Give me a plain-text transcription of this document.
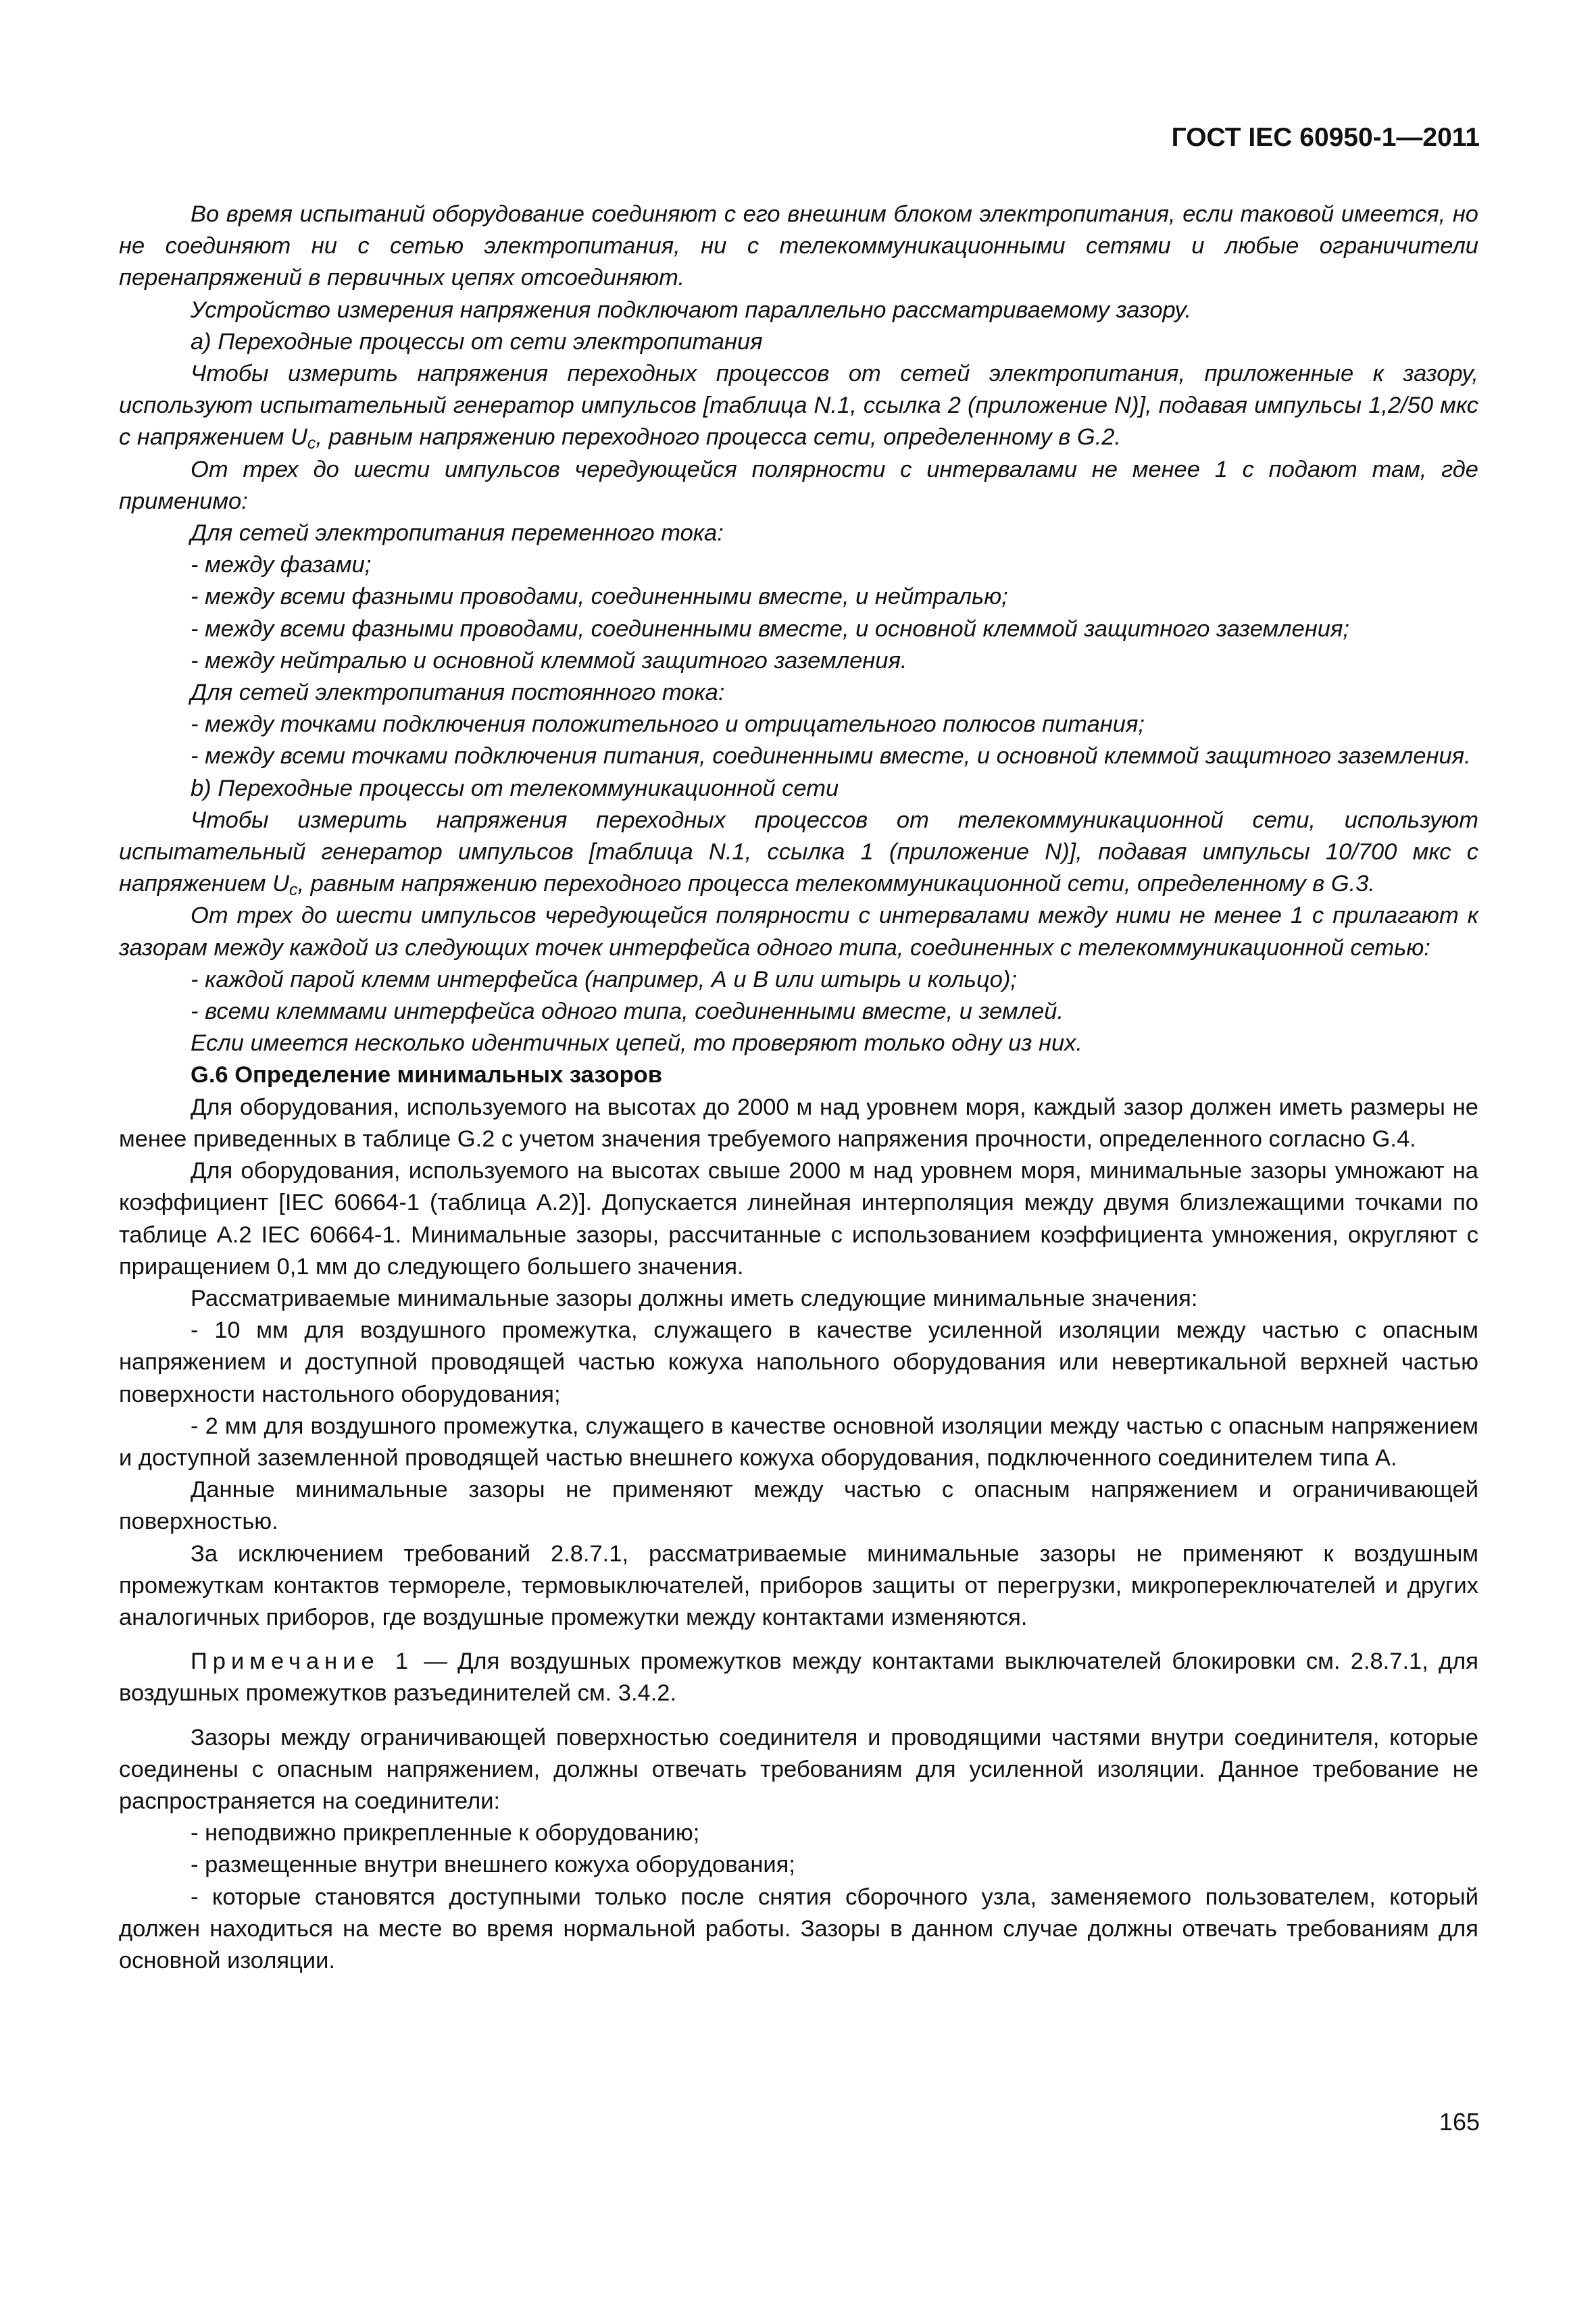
ГОСТ IEC 60950-1—2011

Во время испытаний оборудование соединяют с его внешним блоком электропитания, если таковой имеется, но не соединяют ни с сетью электропитания, ни с телекоммуникационными сетями и любые ограничители перенапряжений в первичных цепях отсоединяют.

Устройство измерения напряжения подключают параллельно рассматриваемому зазору.

a) Переходные процессы от сети электропитания

Чтобы измерить напряжения переходных процессов от сетей электропитания, приложенные к зазору, используют испытательный генератор импульсов [таблица N.1, ссылка 2 (приложение N)], подавая импульсы 1,2/50 мкс с напряжением $U_c$, равным напряжению переходного процесса сети, определенному в G.2.

От трех до шести импульсов чередующейся полярности с интервалами не менее 1 с подают там, где применимо:

Для сетей электропитания переменного тока:

- между фазами;

- между всеми фазными проводами, соединенными вместе, и нейтралью;

- между всеми фазными проводами, соединенными вместе, и основной клеммой защитного заземления;

- между нейтралью и основной клеммой защитного заземления.

Для сетей электропитания постоянного тока:

- между точками подключения положительного и отрицательного полюсов питания;

- между всеми точками подключения питания, соединенными вместе, и основной клеммой защитного заземления.

b) Переходные процессы от телекоммуникационной сети

Чтобы измерить напряжения переходных процессов от телекоммуникационной сети, используют испытательный генератор импульсов [таблица N.1, ссылка 1 (приложение N)], подавая импульсы 10/700 мкс с напряжением $U_c$, равным напряжению переходного процесса телекоммуникационной сети, определенному в G.3.

От трех до шести импульсов чередующейся полярности с интервалами между ними не менее 1 с прилагают к зазорам между каждой из следующих точек интерфейса одного типа, соединенных с телекоммуникационной сетью:

- каждой парой клемм интерфейса (например, А и В или штырь и кольцо);

- всеми клеммами интерфейса одного типа, соединенными вместе, и землей.

Если имеется несколько идентичных цепей, то проверяют только одну из них.

G.6 Определение минимальных зазоров

Для оборудования, используемого на высотах до 2000 м над уровнем моря, каждый зазор должен иметь размеры не менее приведенных в таблице G.2 с учетом значения требуемого напряжения прочности, определенного согласно G.4.

Для оборудования, используемого на высотах свыше 2000 м над уровнем моря, минимальные зазоры умножают на коэффициент [IEC 60664-1 (таблица А.2)]. Допускается линейная интерполяция между двумя близлежащими точками по таблице А.2 IEC 60664-1. Минимальные зазоры, рассчитанные с использованием коэффициента умножения, округляют с приращением 0,1 мм до следующего большего значения.

Рассматриваемые минимальные зазоры должны иметь следующие минимальные значения:

- 10 мм для воздушного промежутка, служащего в качестве усиленной изоляции между частью с опасным напряжением и доступной проводящей частью кожуха напольного оборудования или невертикальной верхней частью поверхности настольного оборудования;

- 2 мм для воздушного промежутка, служащего в качестве основной изоляции между частью с опасным напряжением и доступной заземленной проводящей частью внешнего кожуха оборудования, подключенного соединителем типа А.

Данные минимальные зазоры не применяют между частью с опасным напряжением и ограничивающей поверхностью.

За исключением требований 2.8.7.1, рассматриваемые минимальные зазоры не применяют к воздушным промежуткам контактов термореле, термовыключателей, приборов защиты от перегрузки, микропереключателей и других аналогичных приборов, где воздушные промежутки между контактами изменяются.

Примечание 1 — Для воздушных промежутков между контактами выключателей блокировки см. 2.8.7.1, для воздушных промежутков разъединителей см. 3.4.2.

Зазоры между ограничивающей поверхностью соединителя и проводящими частями внутри соединителя, которые соединены с опасным напряжением, должны отвечать требованиям для усиленной изоляции. Данное требование не распространяется на соединители:

- неподвижно прикрепленные к оборудованию;

- размещенные внутри внешнего кожуха оборудования;

- которые становятся доступными только после снятия сборочного узла, заменяемого пользователем, который должен находиться на месте во время нормальной работы. Зазоры в данном случае должны отвечать требованиям для основной изоляции.

165
